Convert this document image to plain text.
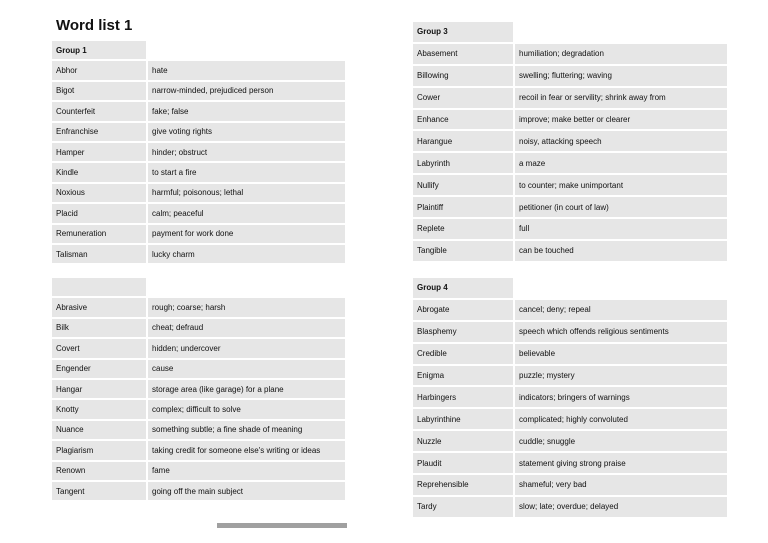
Word list 1
Group 1	
Abhor	hate
Bigot	narrow-minded, prejudiced person
Counterfeit	fake; false
Enfranchise	give voting rights
Hamper	hinder; obstruct
Kindle	to start a fire
Noxious	harmful; poisonous; lethal
Placid	calm; peaceful
Remuneration	payment for work done
Talisman	lucky charm

Abrasive	rough; coarse; harsh
Bilk	cheat; defraud
Covert	hidden; undercover
Engender	cause
Hangar	storage area (like garage) for a plane
Knotty	complex; difficult to solve
Nuance	something subtle; a fine shade of meaning
Plagiarism	taking credit for someone else's writing or ideas
Renown	fame
Tangent	going off the main subject
Group 3	
Abasement	humiliation; degradation
Billowing	swelling; fluttering; waving
Cower	recoil in fear or servility; shrink away from
Enhance	improve; make better or clearer
Harangue	noisy, attacking speech
Labyrinth	a maze
Nullify	to counter; make unimportant
Plaintiff	petitioner (in court of law)
Replete	full
Tangible	can be touched
Group 4	
Abrogate	cancel; deny; repeal
Blasphemy	speech which offends religious sentiments
Credible	believable
Enigma	puzzle; mystery
Harbingers	indicators; bringers of warnings
Labyrinthine	complicated; highly convoluted
Nuzzle	cuddle; snuggle
Plaudit	statement giving strong praise
Reprehensible	shameful; very bad
Tardy	slow; late; overdue; delayed
